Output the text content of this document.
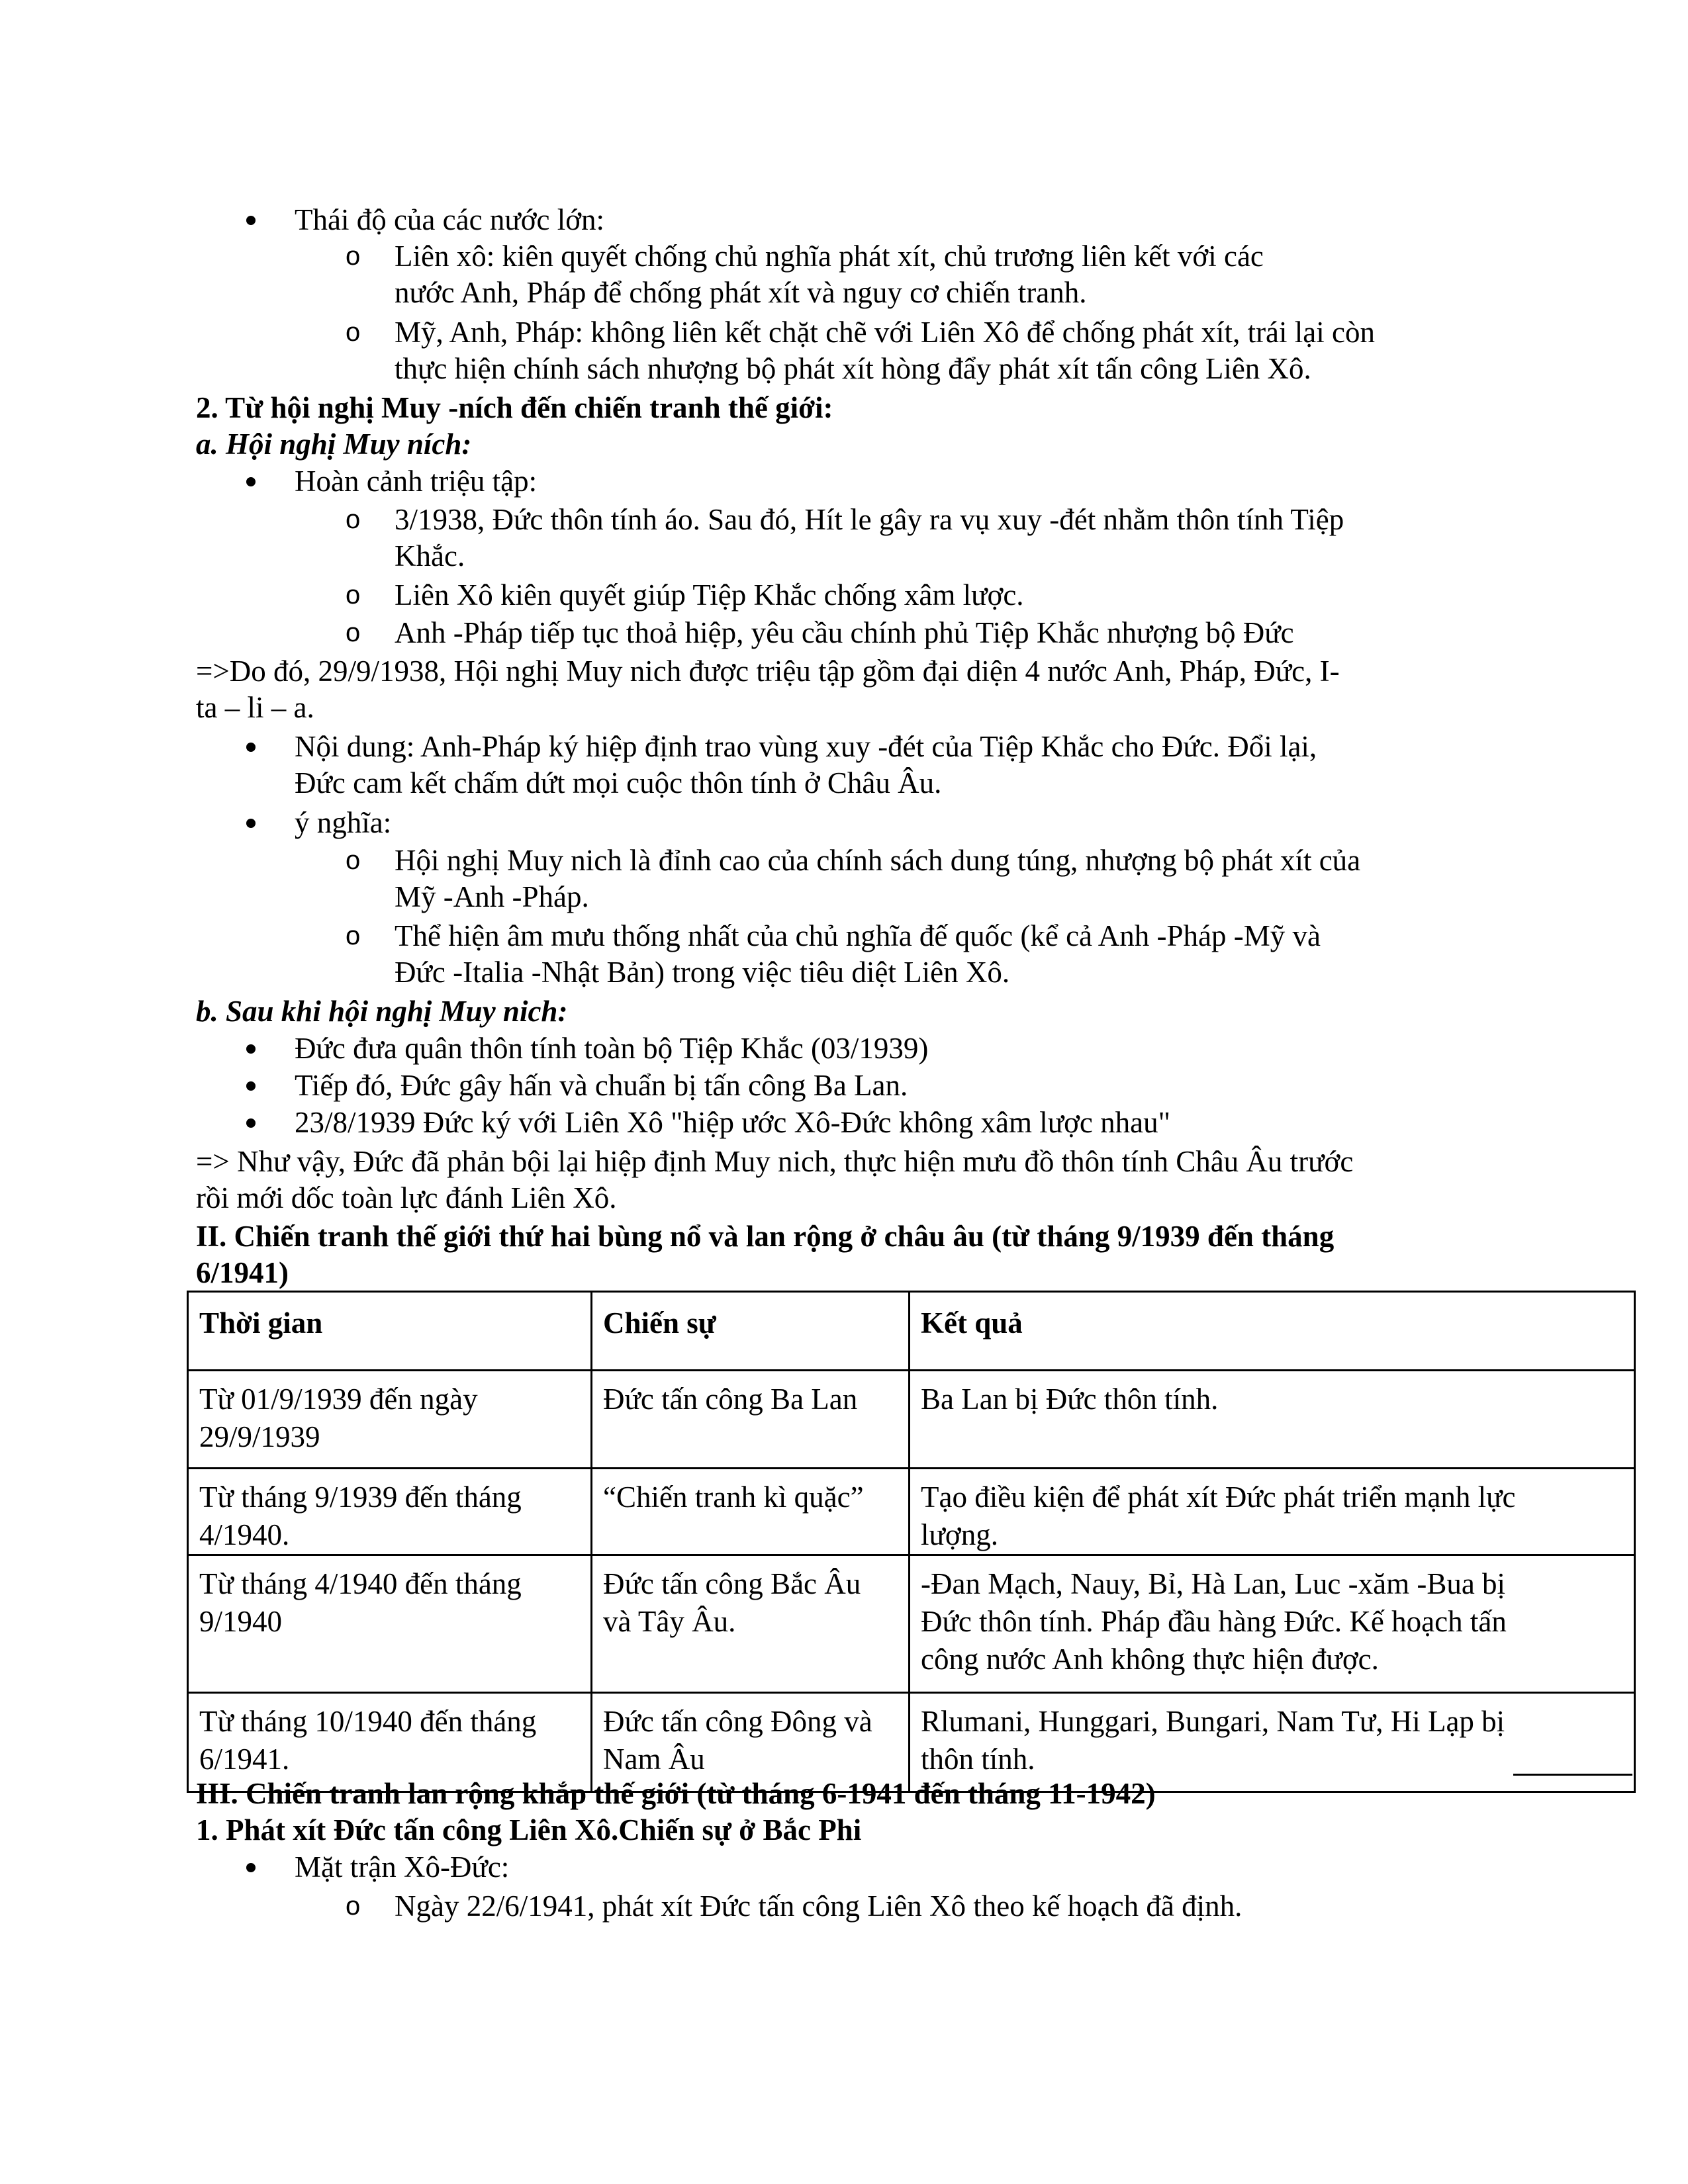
Thái độ của các nước lớn:
o Liên xô: kiên quyết chống chủ nghĩa phát xít, chủ trương liên kết với các
nước Anh, Pháp để chống phát xít và nguy cơ chiến tranh.
o Mỹ, Anh, Pháp: không liên kết chặt chẽ với Liên Xô để chống phát xít, trái lại còn
thực hiện chính sách nhượng bộ phát xít hòng đẩy phát xít tấn công Liên Xô.
2. Từ hội nghị Muy -ních đến chiến tranh thế giới:
a. Hội nghị Muy ních:
Hoàn cảnh triệu tập:
o 3/1938, Đức thôn tính áo. Sau đó, Hít le gây ra vụ xuy -đét nhằm thôn tính Tiệp
Khắc.
o Liên Xô kiên quyết giúp Tiệp Khắc chống xâm lược.
o Anh -Pháp tiếp tục thoả hiệp, yêu cầu chính phủ Tiệp Khắc nhượng bộ Đức
=>Do đó, 29/9/1938, Hội nghị Muy nich được triệu tập gồm đại diện 4 nước Anh, Pháp, Đức, I-
ta – li – a.
Nội dung: Anh-Pháp ký hiệp định trao vùng xuy -đét của Tiệp Khắc cho Đức. Đổi lại,
Đức cam kết chấm dứt mọi cuộc thôn tính ở Châu Âu.
ý nghĩa:
o Hội nghị Muy nich là đỉnh cao của chính sách dung túng, nhượng bộ phát xít của
Mỹ -Anh -Pháp.
o Thể hiện âm mưu thống nhất của chủ nghĩa đế quốc (kể cả Anh -Pháp -Mỹ và
Đức -Italia -Nhật Bản) trong việc tiêu diệt Liên Xô.
b. Sau khi hội nghị Muy nich:
Đức đưa quân thôn tính toàn bộ Tiệp Khắc (03/1939)
Tiếp đó, Đức gây hấn và chuẩn bị tấn công Ba Lan.
23/8/1939 Đức ký với Liên Xô "hiệp ước Xô-Đức không xâm lược nhau"
=> Như vậy, Đức đã phản bội lại hiệp định Muy nich, thực hiện mưu đồ thôn tính Châu Âu trước
rồi mới dốc toàn lực đánh Liên Xô.
II. Chiến tranh thế giới thứ hai bùng nổ và lan rộng ở châu âu (từ tháng 9/1939 đến tháng
6/1941)
Thời gian	Chiến sự	Kết quả
Từ 01/9/1939 đến ngày
29/9/1939	Đức tấn công Ba Lan	Ba Lan bị Đức thôn tính.
Từ tháng 9/1939 đến tháng
4/1940.	“Chiến tranh kì quặc”	Tạo điều kiện để phát xít Đức phát triển mạnh lực
lượng.
Từ tháng 4/1940 đến tháng
9/1940	Đức tấn công Bắc Âu
và Tây Âu.	-Đan Mạch, Nauy, Bỉ, Hà Lan, Luc -xăm -Bua bị
Đức thôn tính. Pháp đầu hàng Đức. Kế hoạch tấn
công nước Anh không thực hiện được.
Từ tháng 10/1940 đến tháng
6/1941.	Đức tấn công Đông và
Nam Âu	Rlumani, Hunggari, Bungari, Nam Tư, Hi Lạp bị
thôn tính.
III. Chiến tranh lan rộng khắp thế giới (từ tháng 6-1941 đến tháng 11-1942)
1. Phát xít Đức tấn công Liên Xô.Chiến sự ở Bắc Phi
Mặt trận Xô-Đức:
o Ngày 22/6/1941, phát xít Đức tấn công Liên Xô theo kế hoạch đã định.
